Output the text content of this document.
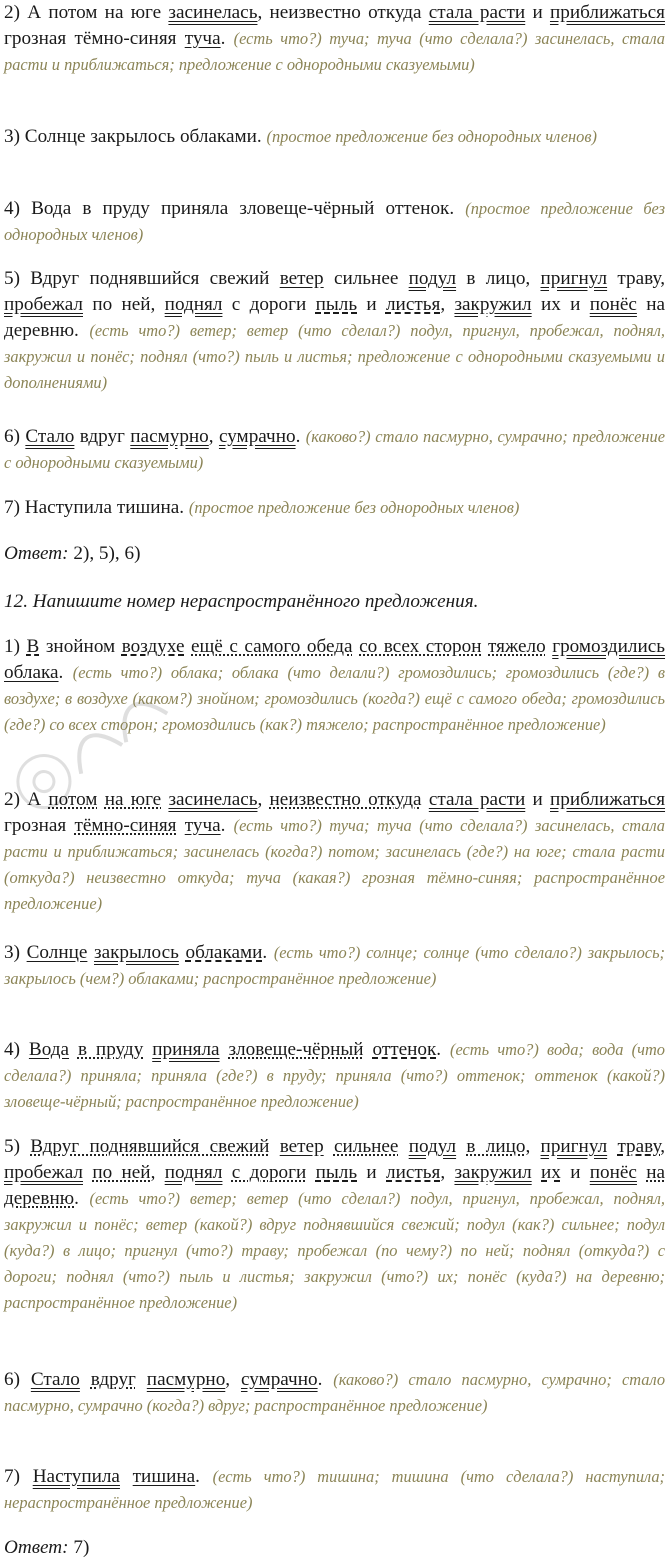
2) А потом на юге засинелась, неизвестно откуда стала расти и приближаться грозная тёмно-синяя туча. (есть что?) туча; туча (что сделала?) засинелась, стала расти и приближаться; предложение с однородными сказуемыми)
3) Солнце закрылось облаками. (простое предложение без однородных членов)
4) Вода в пруду приняла зловеще-чёрный оттенок. (простое предложение без однородных членов)
5) Вдруг поднявшийся свежий ветер сильнее подул в лицо, пригнул траву, пробежал по ней, поднял с дороги пыль и листья, закружил их и понёс на деревню. (есть что?) ветер; ветер (что сделал?) подул, пригнул, пробежал, поднял, закружил и понёс; поднял (что?) пыль и листья; предложение с однородными сказуемыми и дополнениями)
6) Стало вдруг пасмурно, сумрачно. (каково?) стало пасмурно, сумрачно; предложение с однородными сказуемыми)
7) Наступила тишина. (простое предложение без однородных членов)
Ответ: 2), 5), 6)
12. Напишите номер нераспространённого предложения.
1) В знойном воздухе ещё с самого обеда со всех сторон тяжело громоздились облака. (есть что?) облака; облака (что делали?) громоздились; громоздились (где?) в воздухе; в воздухе (каком?) знойном; громоздились (когда?) ещё с самого обеда; громоздились (где?) со всех сторон; громоздились (как?) тяжело; распространённое предложение)
2) А потом на юге засинелась, неизвестно откуда стала расти и приближаться грозная тёмно-синяя туча. (есть что?) туча; туча (что сделала?) засинелась, стала расти и приближаться; засинелась (когда?) потом; засинелась (где?) на юге; стала расти (откуда?) неизвестно откуда; туча (какая?) грозная тёмно-синяя; распространённое предложение)
3) Солнце закрылось облаками. (есть что?) солнце; солнце (что сделало?) закрылось; закрылось (чем?) облаками; распространённое предложение)
4) Вода в пруду приняла зловеще-чёрный оттенок. (есть что?) вода; вода (что сделала?) приняла; приняла (где?) в пруду; приняла (что?) оттенок; оттенок (какой?) зловеще-чёрный; распространённое предложение)
5) Вдруг поднявшийся свежий ветер сильнее подул в лицо, пригнул траву, пробежал по ней, поднял с дороги пыль и листья, закружил их и понёс на деревню. (есть что?) ветер; ветер (что сделал?) подул, пригнул, пробежал, поднял, закружил и понёс; ветер (какой?) вдруг поднявшийся свежий; подул (как?) сильнее; подул (куда?) в лицо; пригнул (что?) траву; пробежал (по чему?) по ней; поднял (откуда?) с дороги; поднял (что?) пыль и листья; закружил (что?) их; понёс (куда?) на деревню; распространённое предложение)
6) Стало вдруг пасмурно, сумрачно. (каково?) стало пасмурно, сумрачно; стало пасмурно, сумрачно (когда?) вдруг; распространённое предложение)
7) Наступила тишина. (есть что?) тишина; тишина (что сделала?) наступила; нераспространённое предложение)
Ответ: 7)
